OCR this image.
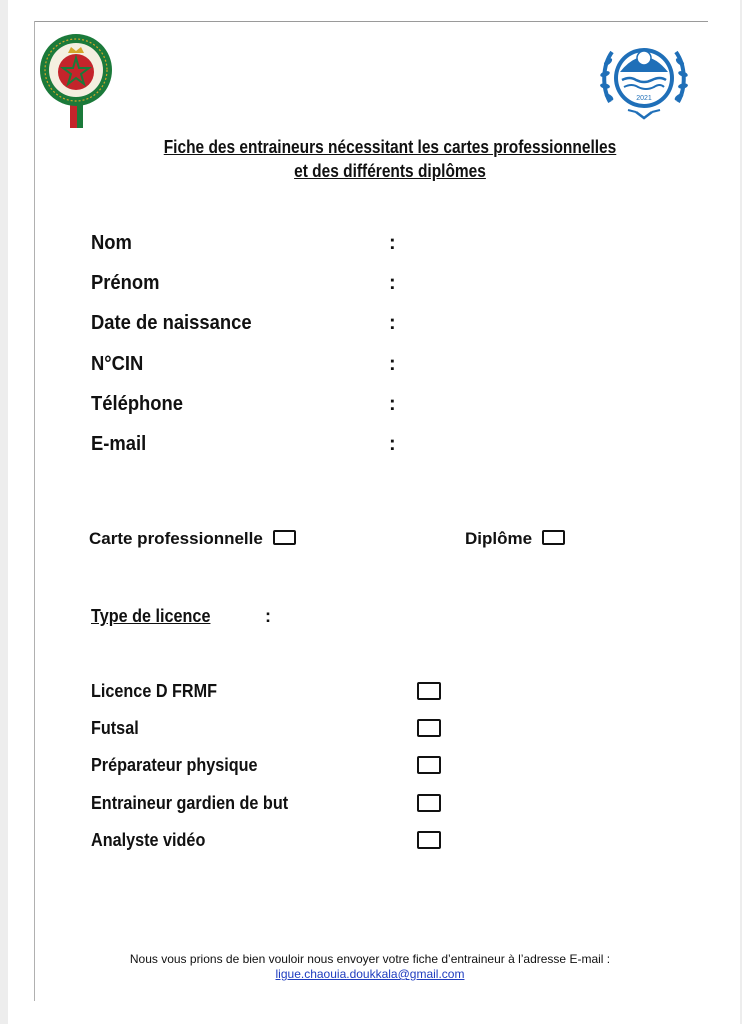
FRMF	2021
Fiche des entraineurs nécessitant les cartes professionnelles
et des différents diplômes
Nom	:
Prénom	:
Date de naissance	:
N°CIN	:
Téléphone	:
E-mail	:
Carte professionnelle	Diplôme
Type de licence	:
Licence D FRMF
Futsal
Préparateur physique
Entraineur gardien de but
Analyste vidéo
Nous vous prions de bien vouloir nous envoyer votre fiche d’entraineur à l’adresse E-mail :
ligue.chaouia.doukkala@gmail.com
